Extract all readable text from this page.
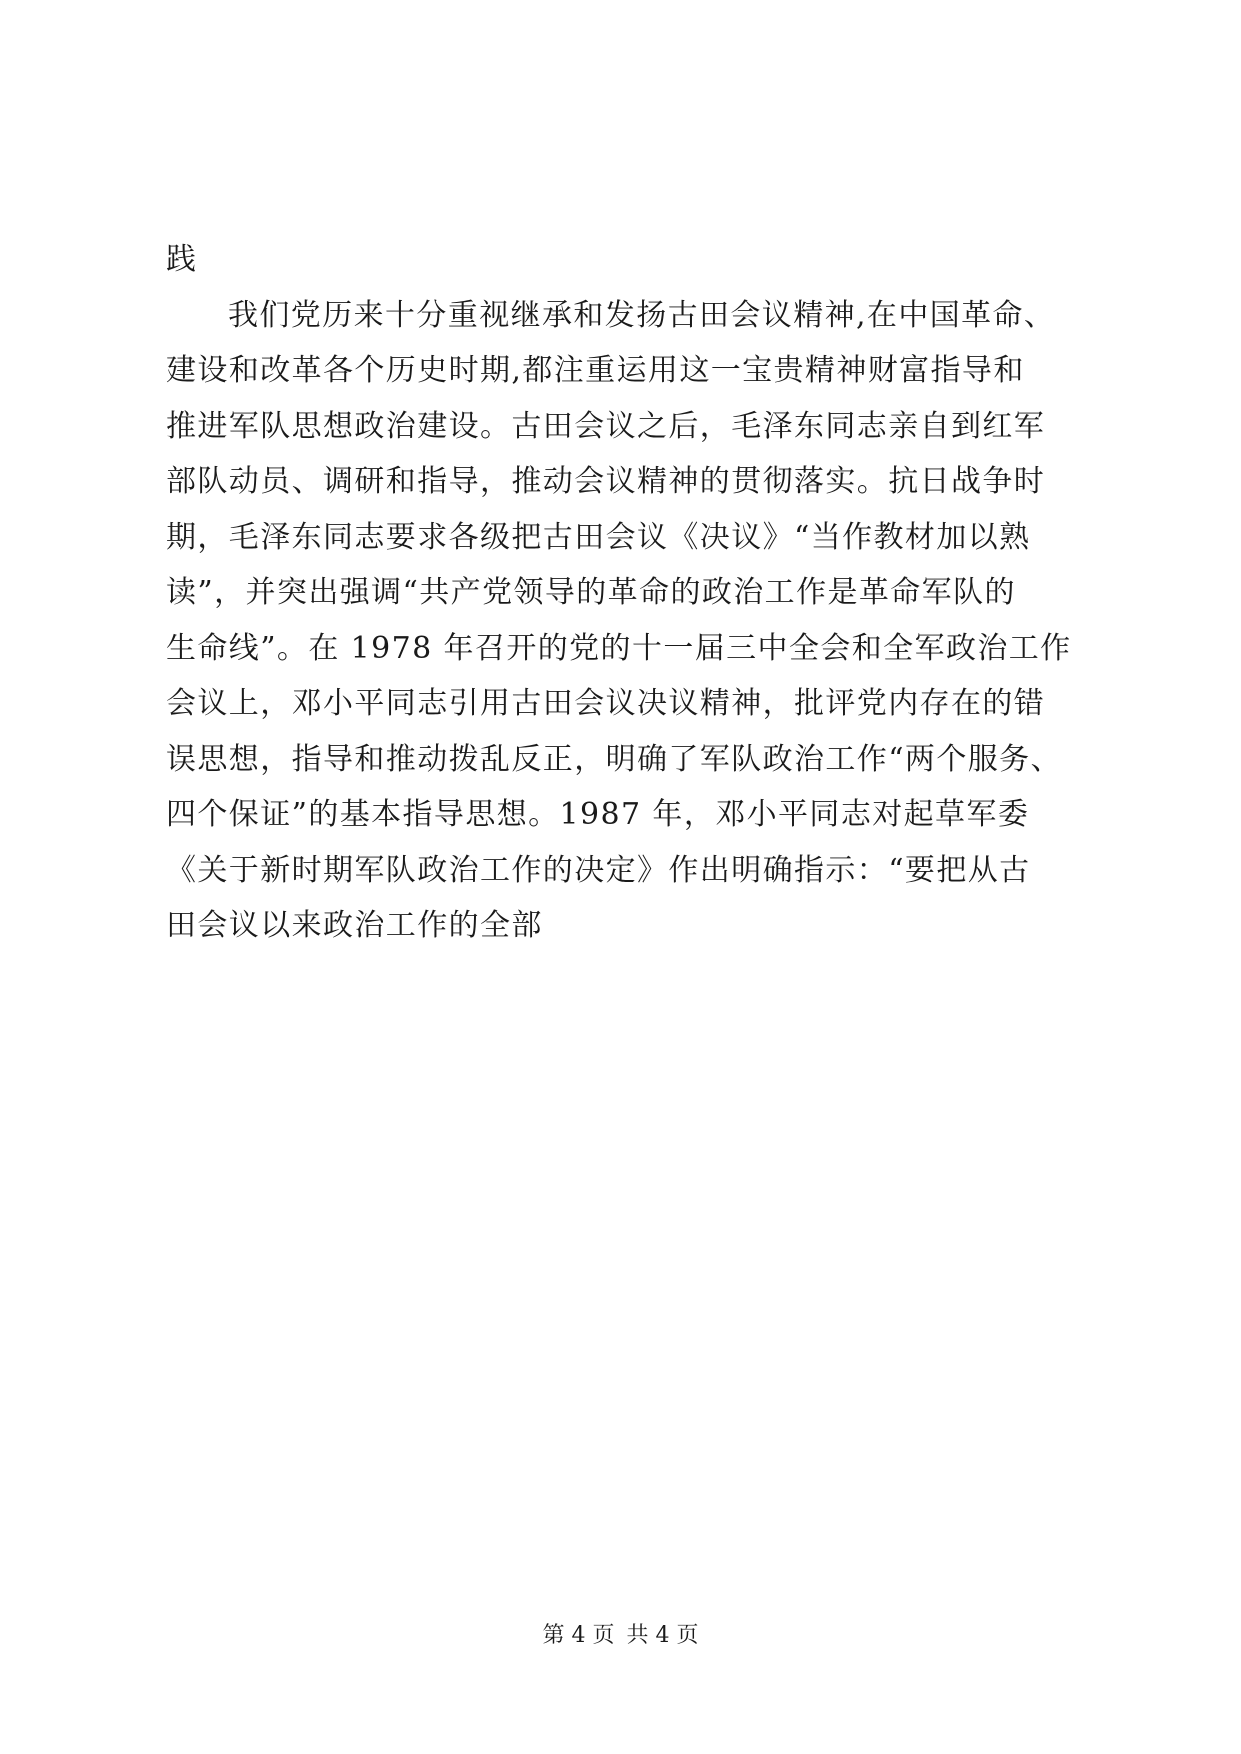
践
我们党历来十分重视继承和发扬古田会议精神,在中国革命、
建设和改革各个历史时期,都注重运用这一宝贵精神财富指导和
推进军队思想政治建设。古田会议之后，毛泽东同志亲自到红军
部队动员、调研和指导，推动会议精神的贯彻落实。抗日战争时
期，毛泽东同志要求各级把古田会议《决议》“当作教材加以熟
读”，并突出强调“共产党领导的革命的政治工作是革命军队的
生命线”。在 1978 年召开的党的十一届三中全会和全军政治工作
会议上，邓小平同志引用古田会议决议精神，批评党内存在的错
误思想，指导和推动拨乱反正，明确了军队政治工作“两个服务、
四个保证”的基本指导思想。1987 年，邓小平同志对起草军委
《关于新时期军队政治工作的决定》作出明确指示：“要把从古
田会议以来政治工作的全部
第 4 页 共 4 页
